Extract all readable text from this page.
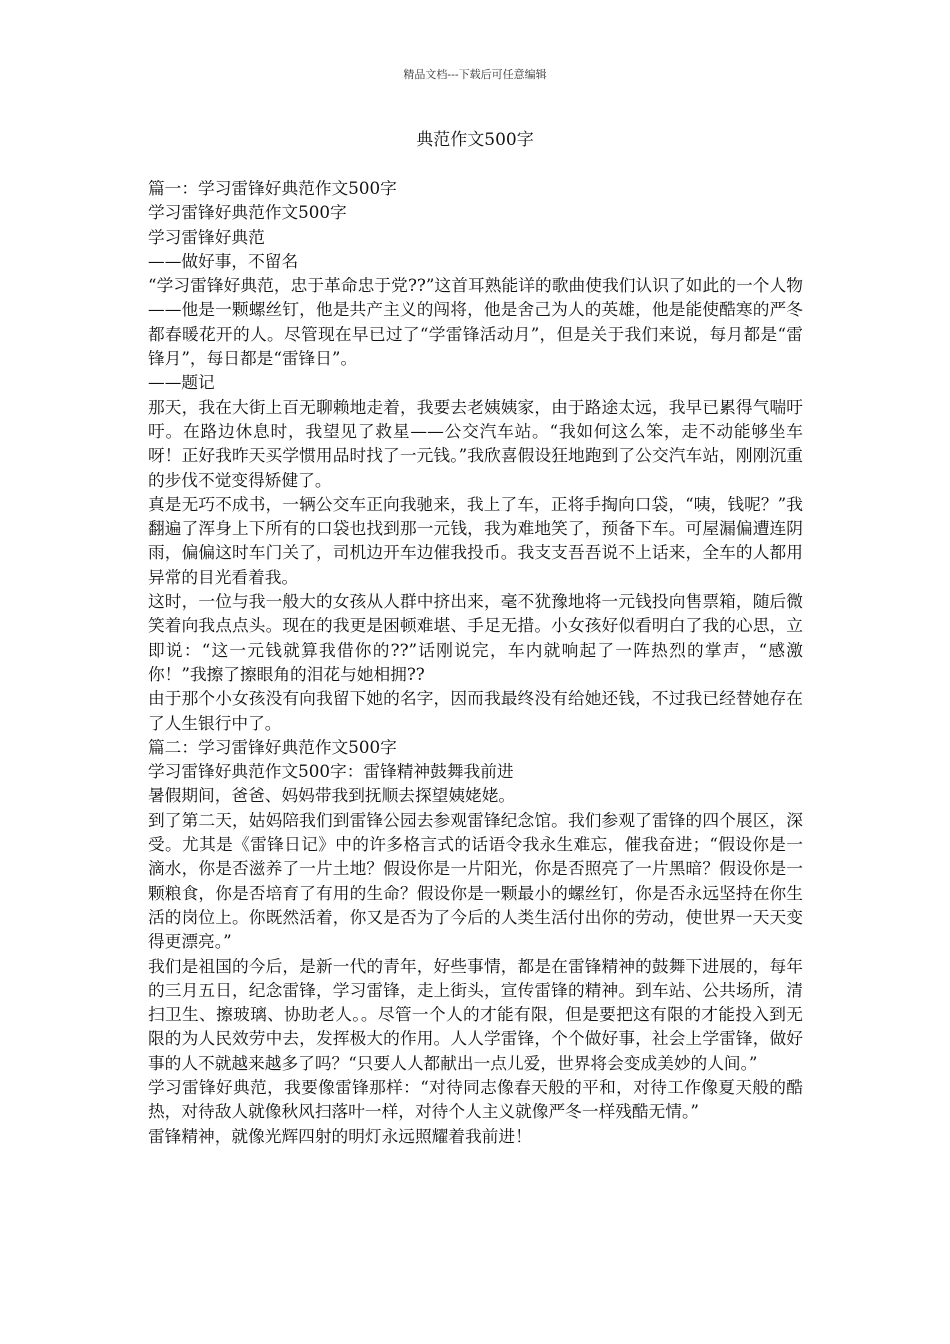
精品文档---下载后可任意编辑
典范作文500字

篇一：学习雷锋好典范作文500字

学习雷锋好典范作文500字

学习雷锋好典范

——做好事，不留名

“学习雷锋好典范，忠于革命忠于党??”这首耳熟能详的歌曲使我们认识了如此的一个人物——他是一颗螺丝钉，他是共产主义的闯将，他是舍己为人的英雄，他是能使酷寒的严冬都春暖花开的人。尽管现在早已过了“学雷锋活动月”，但是关于我们来说，每月都是“雷锋月”，每日都是“雷锋日”。

——题记

那天，我在大街上百无聊赖地走着，我要去老姨姨家，由于路途太远，我早已累得气喘吁吁。在路边休息时，我望见了救星——公交汽车站。“我如何这么笨，走不动能够坐车呀！正好我昨天买学惯用品时找了一元钱。”我欣喜假设狂地跑到了公交汽车站，刚刚沉重的步伐不觉变得矫健了。

真是无巧不成书，一辆公交车正向我驰来，我上了车，正将手掏向口袋，“咦，钱呢？”我翻遍了浑身上下所有的口袋也找到那一元钱，我为难地笑了，预备下车。可屋漏偏遭连阴雨，偏偏这时车门关了，司机边开车边催我投币。我支支吾吾说不上话来，全车的人都用异常的目光看着我。

这时，一位与我一般大的女孩从人群中挤出来，毫不犹豫地将一元钱投向售票箱，随后微笑着向我点点头。现在的我更是困顿难堪、手足无措。小女孩好似看明白了我的心思，立即说：“这一元钱就算我借你的??”话刚说完，车内就响起了一阵热烈的掌声，“感激你！”我擦了擦眼角的泪花与她相拥??

由于那个小女孩没有向我留下她的名字，因而我最终没有给她还钱，不过我已经替她存在了人生银行中了。

篇二：学习雷锋好典范作文500字

学习雷锋好典范作文500字：雷锋精神鼓舞我前进

暑假期间，爸爸、妈妈带我到抚顺去探望姨姥姥。

到了第二天，姑妈陪我们到雷锋公园去参观雷锋纪念馆。我们参观了雷锋的四个展区，深受。尤其是《雷锋日记》中的许多格言式的话语令我永生难忘，催我奋进；“假设你是一滴水，你是否滋养了一片土地？假设你是一片阳光，你是否照亮了一片黑暗？假设你是一颗粮食，你是否培育了有用的生命？假设你是一颗最小的螺丝钉，你是否永远坚持在你生活的岗位上。你既然活着，你又是否为了今后的人类生活付出你的劳动，使世界一天天变得更漂亮。”

我们是祖国的今后，是新一代的青年，好些事情，都是在雷锋精神的鼓舞下进展的，每年的三月五日，纪念雷锋，学习雷锋，走上街头，宣传雷锋的精神。到车站、公共场所，清扫卫生、擦玻璃、协助老人。。尽管一个人的才能有限，但是要把这有限的才能投入到无限的为人民效劳中去，发挥极大的作用。人人学雷锋，个个做好事，社会上学雷锋，做好事的人不就越来越多了吗？“只要人人都献出一点儿爱，世界将会变成美妙的人间。”

学习雷锋好典范，我要像雷锋那样：“对待同志像春天般的平和，对待工作像夏天般的酷热，对待敌人就像秋风扫落叶一样，对待个人主义就像严冬一样残酷无情。”

雷锋精神，就像光辉四射的明灯永远照耀着我前进！
